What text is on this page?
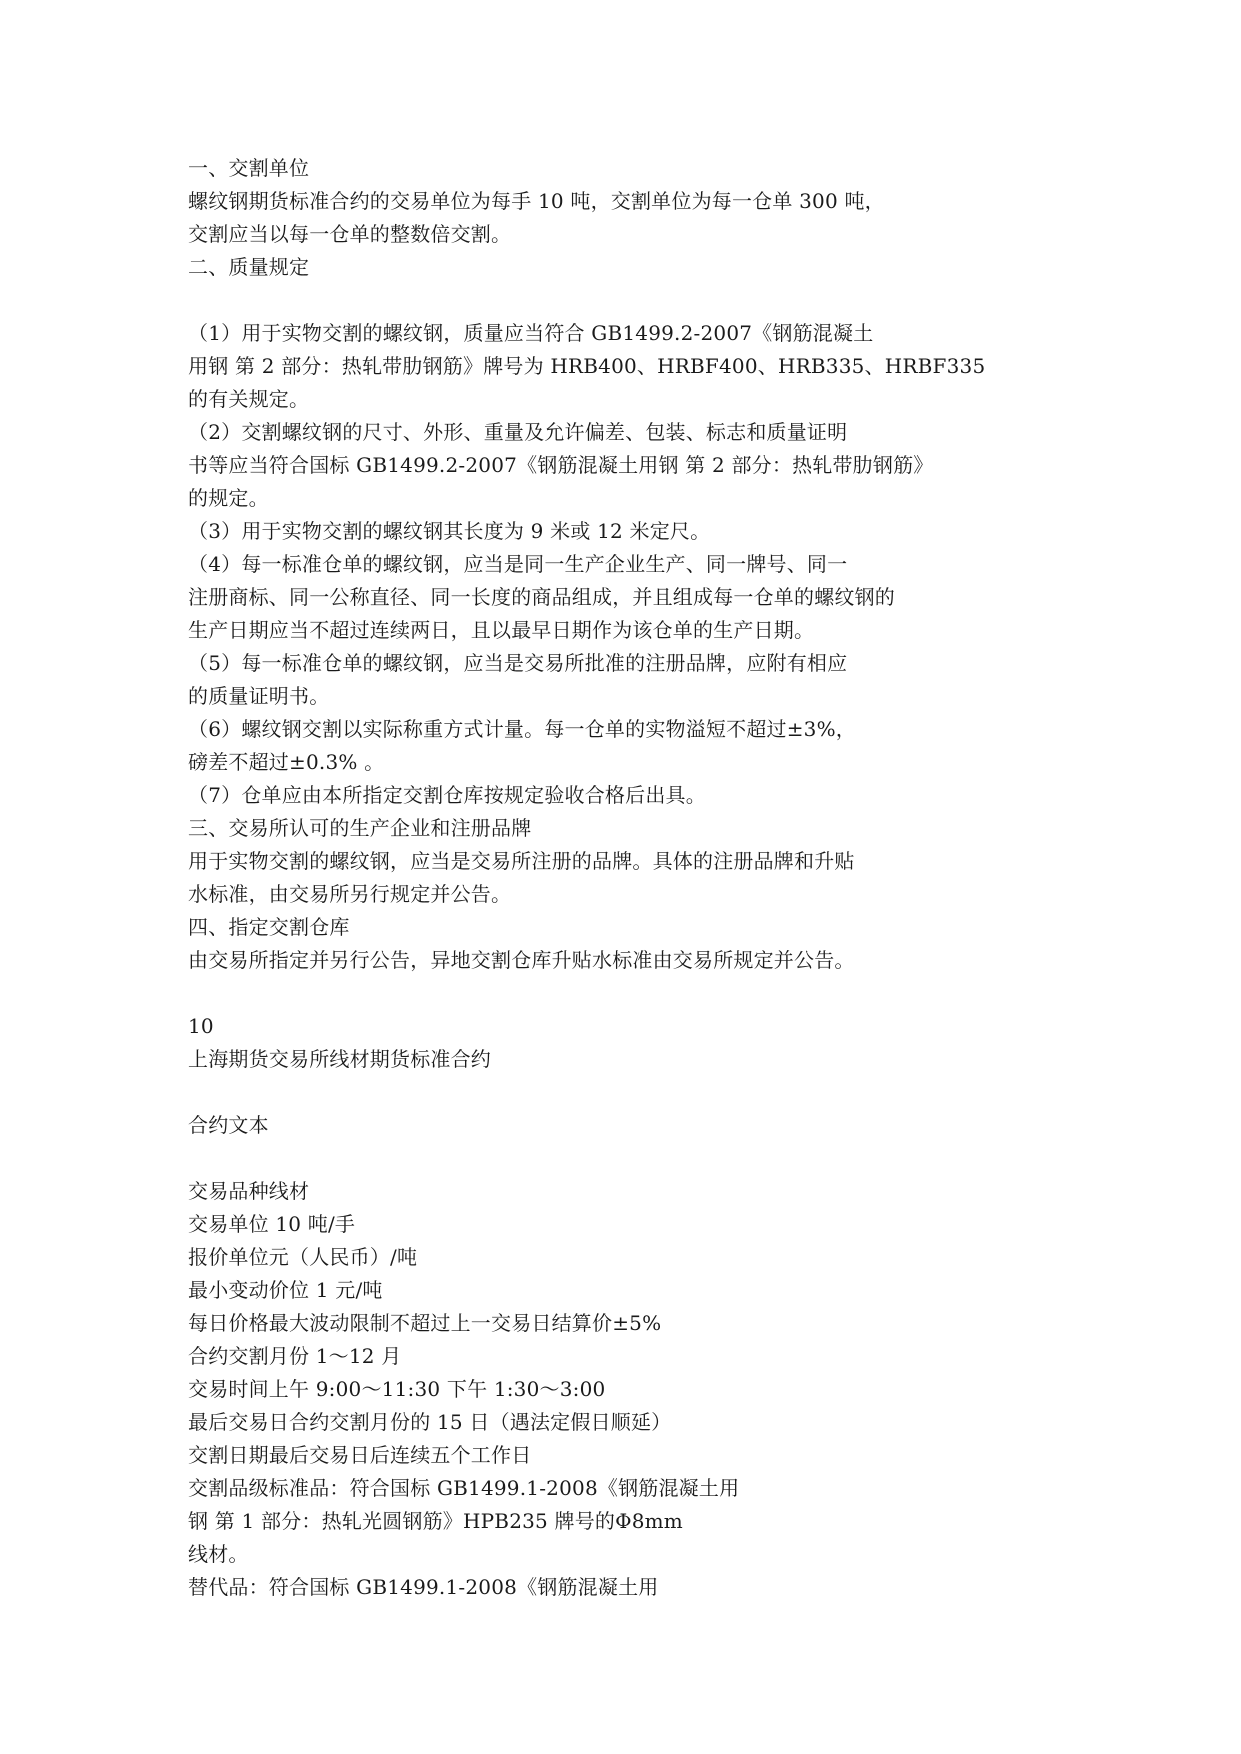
一、交割单位
螺纹钢期货标准合约的交易单位为每手 10 吨，交割单位为每一仓单 300 吨，
交割应当以每一仓单的整数倍交割。
二、质量规定
（1）用于实物交割的螺纹钢，质量应当符合 GB1499.2-2007《钢筋混凝土
用钢 第 2 部分：热轧带肋钢筋》牌号为 HRB400、HRBF400、HRB335、HRBF335
的有关规定。
（2）交割螺纹钢的尺寸、外形、重量及允许偏差、包装、标志和质量证明
书等应当符合国标 GB1499.2-2007《钢筋混凝土用钢 第 2 部分：热轧带肋钢筋》
的规定。
（3）用于实物交割的螺纹钢其长度为 9 米或 12 米定尺。
（4）每一标准仓单的螺纹钢，应当是同一生产企业生产、同一牌号、同一
注册商标、同一公称直径、同一长度的商品组成，并且组成每一仓单的螺纹钢的
生产日期应当不超过连续两日，且以最早日期作为该仓单的生产日期。
（5）每一标准仓单的螺纹钢，应当是交易所批准的注册品牌，应附有相应
的质量证明书。
（6）螺纹钢交割以实际称重方式计量。每一仓单的实物溢短不超过±3%，
磅差不超过±0.3% 。
（7）仓单应由本所指定交割仓库按规定验收合格后出具。
三、交易所认可的生产企业和注册品牌
用于实物交割的螺纹钢，应当是交易所注册的品牌。具体的注册品牌和升贴
水标准，由交易所另行规定并公告。
四、指定交割仓库
由交易所指定并另行公告，异地交割仓库升贴水标准由交易所规定并公告。
10
上海期货交易所线材期货标准合约
合约文本
交易品种线材
交易单位 10 吨/手
报价单位元（人民币）/吨
最小变动价位 1 元/吨
每日价格最大波动限制不超过上一交易日结算价±5%
合约交割月份 1～12 月
交易时间上午 9:00～11:30 下午 1:30～3:00
最后交易日合约交割月份的 15 日（遇法定假日顺延）
交割日期最后交易日后连续五个工作日
交割品级标准品：符合国标 GB1499.1-2008《钢筋混凝土用
钢 第 1 部分：热轧光圆钢筋》HPB235 牌号的Φ8mm
线材。
替代品：符合国标 GB1499.1-2008《钢筋混凝土用
